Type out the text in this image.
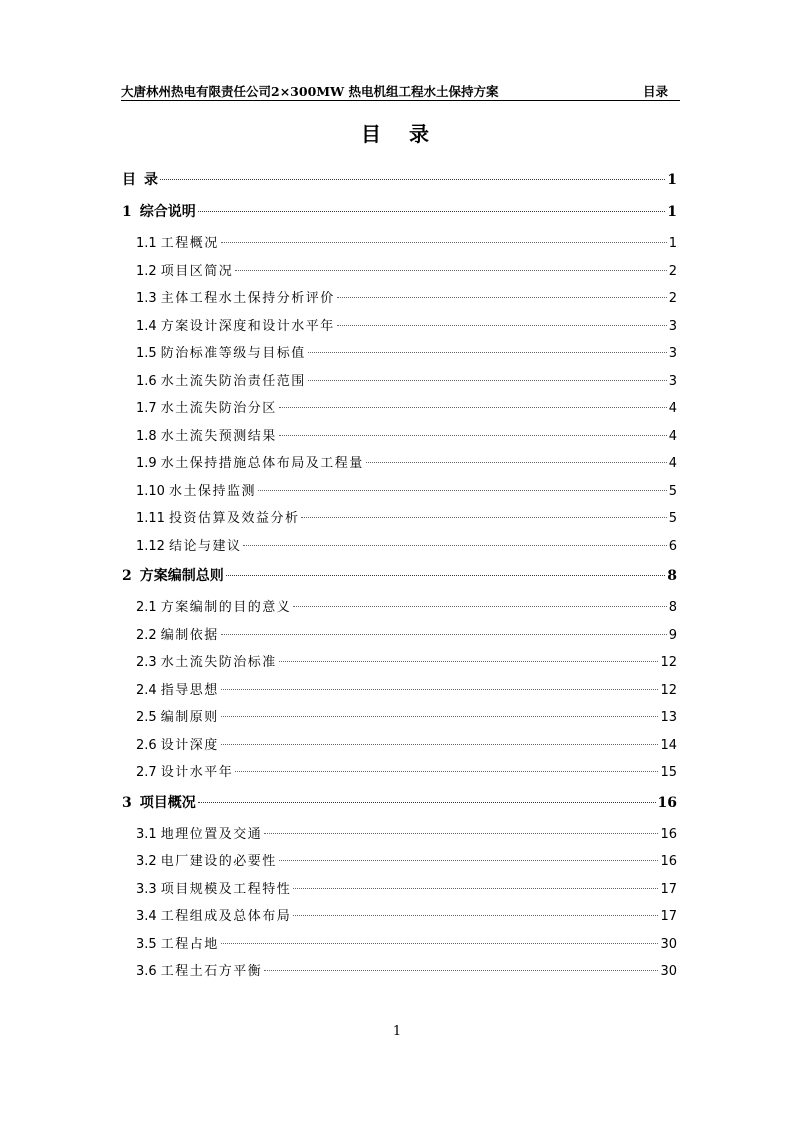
大唐林州热电有限责任公司2×300MW 热电机组工程水土保持方案	目录
目　录
目 录	1
1 综合说明	1
1.1 工程概况	1
1.2 项目区简况	2
1.3 主体工程水土保持分析评价	2
1.4 方案设计深度和设计水平年	3
1.5 防治标准等级与目标值	3
1.6 水土流失防治责任范围	3
1.7 水土流失防治分区	4
1.8 水土流失预测结果	4
1.9 水土保持措施总体布局及工程量	4
1.10 水土保持监测	5
1.11 投资估算及效益分析	5
1.12 结论与建议	6
2 方案编制总则	8
2.1 方案编制的目的意义	8
2.2 编制依据	9
2.3 水土流失防治标准	12
2.4 指导思想	12
2.5 编制原则	13
2.6 设计深度	14
2.7 设计水平年	15
3 项目概况	16
3.1 地理位置及交通	16
3.2 电厂建设的必要性	16
3.3 项目规模及工程特性	17
3.4 工程组成及总体布局	17
3.5 工程占地	30
3.6 工程土石方平衡	30
1
